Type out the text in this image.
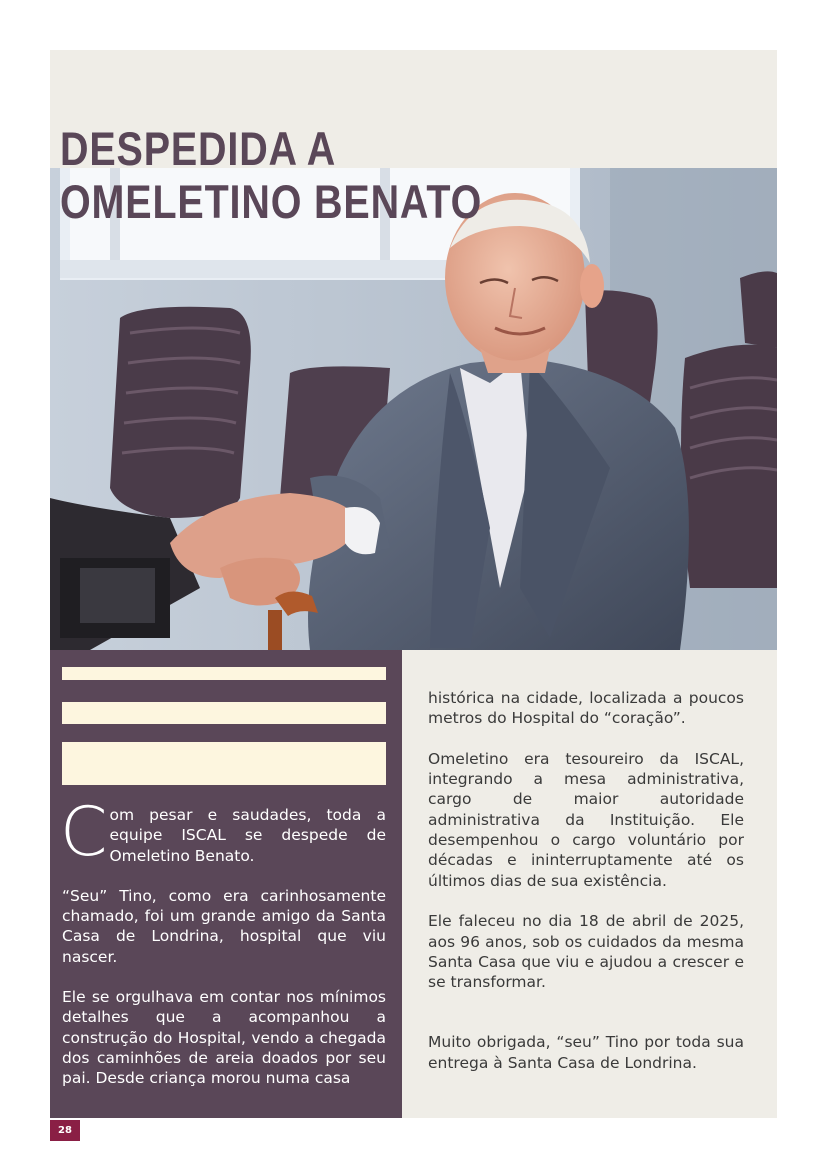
DESPEDIDA A
OMELETINO BENATO

Com pesar e saudades, toda a equipe ISCAL se despede de Omeletino Benato.

“Seu” Tino, como era carinhosamente chamado, foi um grande amigo da Santa Casa de Londrina, hospital que viu nascer.

Ele se orgulhava em contar nos mínimos detalhes que a acompanhou a construção do Hospital, vendo a chegada dos caminhões de areia doados por seu pai. Desde criança morou numa casa

histórica na cidade, localizada a poucos metros do Hospital do “coração”.

Omeletino era tesoureiro da ISCAL, integrando a mesa administrativa, cargo de maior autoridade administrativa da Instituição. Ele desempenhou o cargo voluntário por décadas e ininterruptamente até os últimos dias de sua existência.

Ele faleceu no dia 18 de abril de 2025, aos 96 anos, sob os cuidados da mesma Santa Casa que viu e ajudou a crescer e se transformar.

Muito obrigada, “seu” Tino por toda sua entrega à Santa Casa de Londrina.

28
